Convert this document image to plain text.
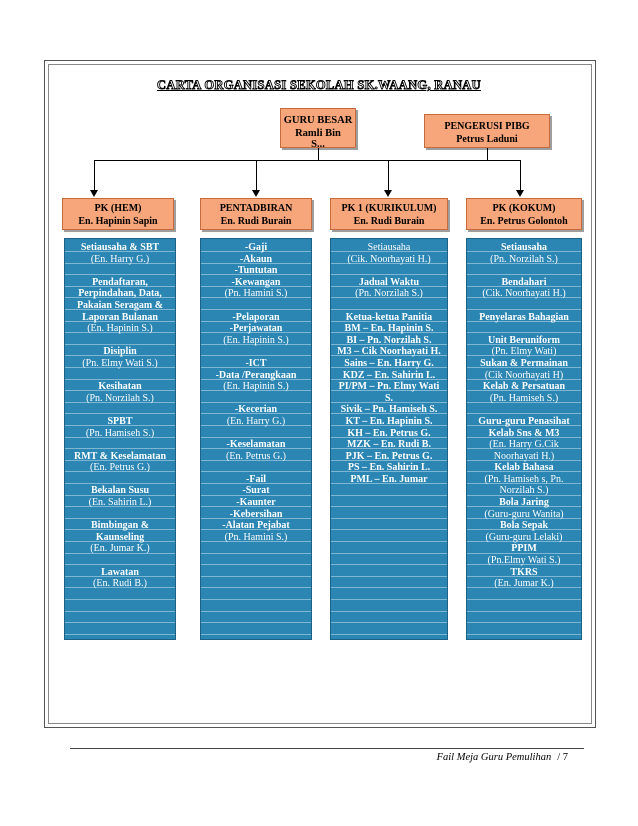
CARTA ORGANISASI SEKOLAH SK.WAANG, RANAU
GURU BESAR
Ramli Bin
S...
PENGERUSI PIBG
Petrus Laduni
PK (HEM)
En. Hapinin Sapin
PENTADBIRAN
En. Rudi Burain
PK 1 (KURIKULUM)
En. Rudi Burain
PK (KOKUM)
En. Petrus Golontoh
Setiausaha & SBT
(En. Harry G.)
Pendaftaran,
Perpindahan, Data,
Pakaian Seragam &
Laporan Bulanan
(En. Hapinin S.)
Disiplin
(Pn. Elmy Wati S.)
Kesihatan
(Pn. Norzilah S.)
SPBT
(Pn. Hamiseh S.)
RMT & Keselamatan
(En. Petrus G.)
Bekalan Susu
(En. Sahirin L.)
Bimbingan &
Kaunseling
(En. Jumar K.)
Lawatan
(En. Rudi B.)
-Gaji
-Akaun
-Tuntutan
-Kewangan
(Pn. Hamini S.)
-Pelaporan
-Perjawatan
(En. Hapinin S.)
-ICT
-Data /Perangkaan
(En. Hapinin S.)
-Kecerian
(En. Harry G.)
-Keselamatan
(En. Petrus G.)
-Fail
-Surat
-Kaunter
-Kebersihan
-Alatan Pejabat
(Pn. Hamini S.)
Setiausaha
(Cik. Noorhayati H.)
Jadual Waktu
(Pn. Norzilah S.)
Ketua-ketua Panitia
BM – En. Hapinin S.
BI – Pn. Norzilah S.
M3 – Cik Noorhayati H.
Sains – En. Harry G.
KDZ – En. Sahirin L.
PI/PM – Pn. Elmy Wati
S.
Sivik – Pn. Hamiseh S.
KT – En. Hapinin S.
KH – En. Petrus G.
MZK – En. Rudi B.
PJK – En. Petrus G.
PS – En. Sahirin L.
PML – En. Jumar
Setiausaha
(Pn. Norzilah S.)
Bendahari
(Cik. Noorhayati H.)
Penyelaras Bahagian
Unit Beruniform
(Pn. Elmy Wati)
Sukan & Permainan
(Cik Noorhayati H)
Kelab & Persatuan
(Pn. Hamiseh S.)
Guru-guru Penasihat
Kelab Sns & M3
(En. Harry G.Cik
Noorhayati H.)
Kelab Bahasa
(Pn. Hamiseh s, Pn.
Norzilah S.)
Bola Jaring
(Guru-guru Wanita)
Bola Sepak
(Guru-guru Lelaki)
PPIM
(Pn.Elmy Wati S.)
TKRS
(En. Jumar K.)
Fail Meja Guru Pemulihan / 7
